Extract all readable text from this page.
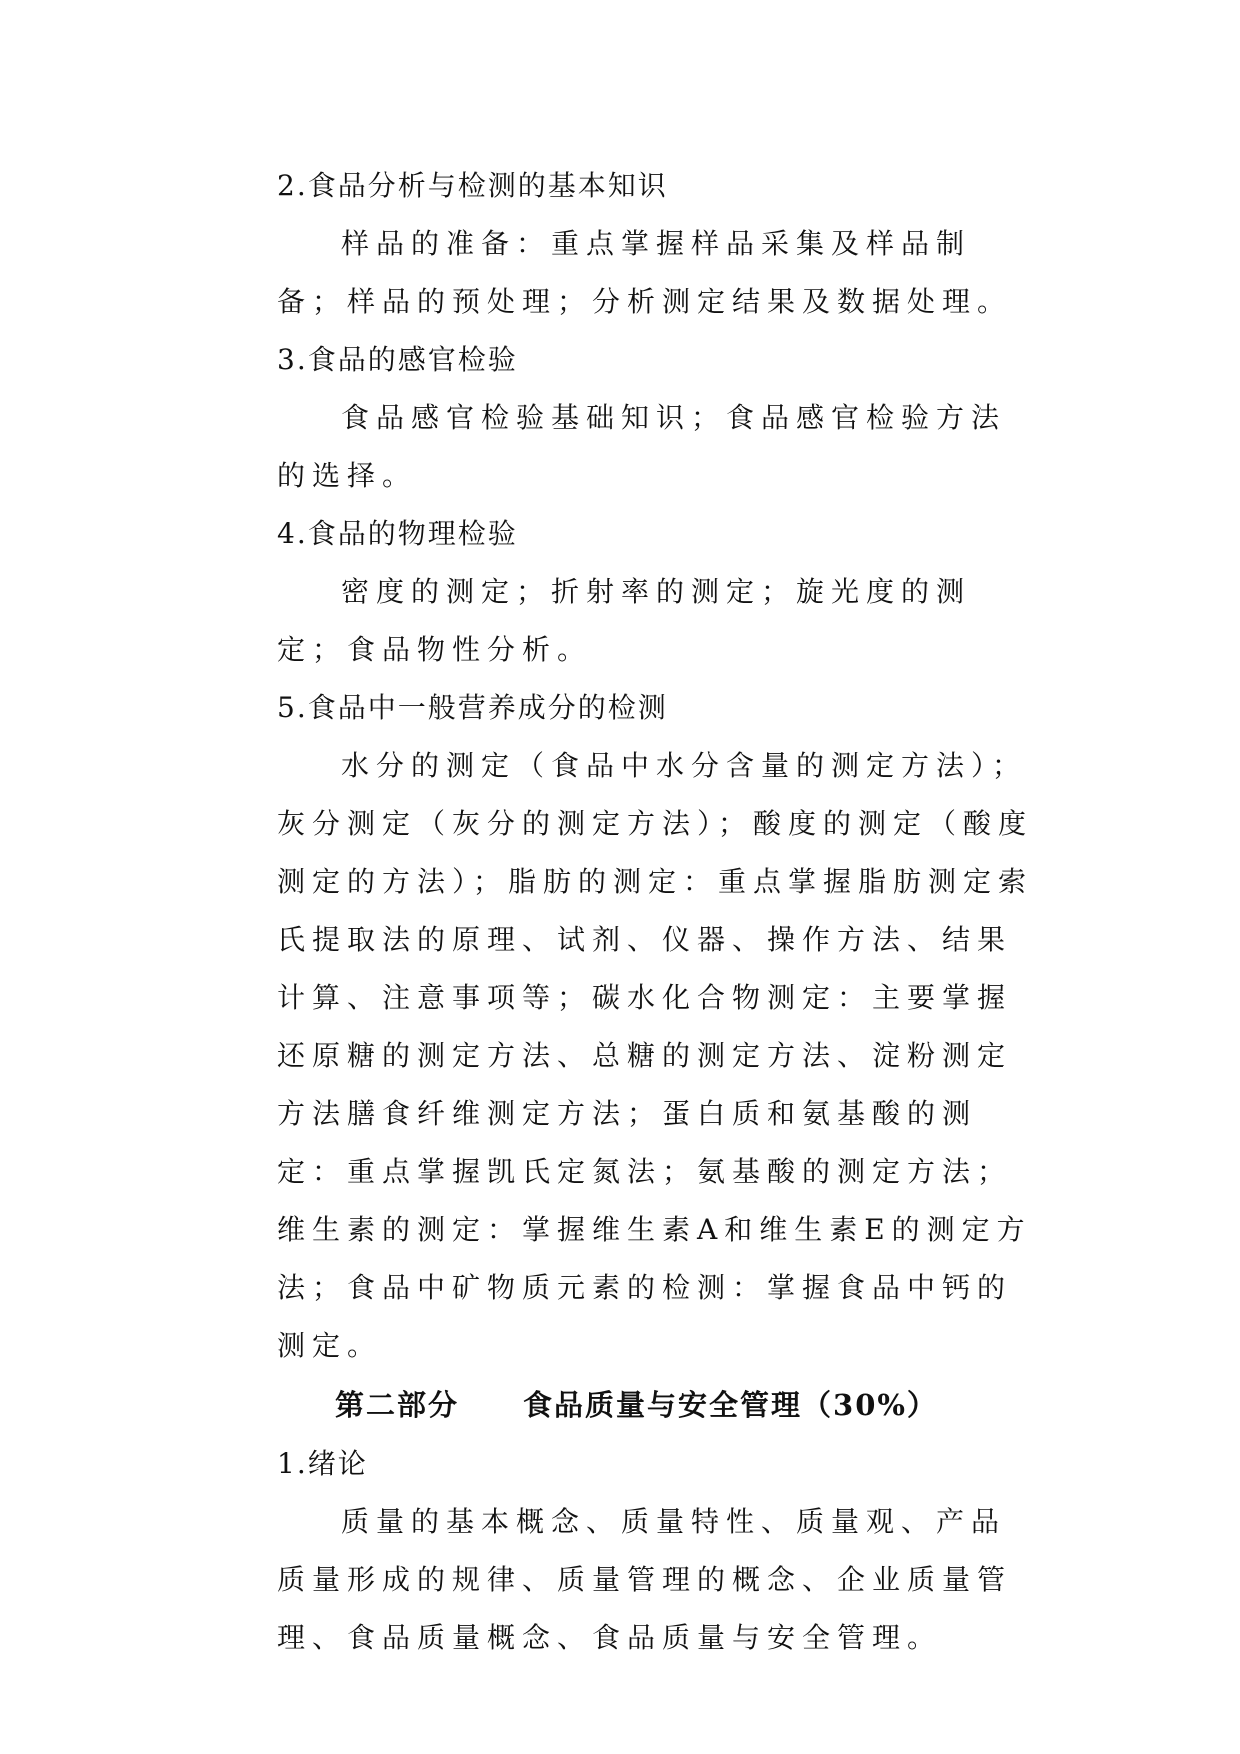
2.食品分析与检测的基本知识

样品的准备：重点掌握样品采集及样品制备；样品的预处理；分析测定结果及数据处理。

3.食品的感官检验

食品感官检验基础知识；食品感官检验方法的选择。

4.食品的物理检验

密度的测定；折射率的测定；旋光度的测定；食品物性分析。

5.食品中一般营养成分的检测

水分的测定（食品中水分含量的测定方法）；灰分测定（灰分的测定方法）；酸度的测定（酸度测定的方法）；脂肪的测定：重点掌握脂肪测定索氏提取法的原理、试剂、仪器、操作方法、结果计算、注意事项等；碳水化合物测定：主要掌握还原糖的测定方法、总糖的测定方法、淀粉测定方法膳食纤维测定方法；蛋白质和氨基酸的测定：重点掌握凯氏定氮法；氨基酸的测定方法；维生素的测定：掌握维生素A和维生素E的测定方法；食品中矿物质元素的检测：掌握食品中钙的测定。

第二部分 食品质量与安全管理（30%）
1.绪论

质量的基本概念、质量特性、质量观、产品质量形成的规律、质量管理的概念、企业质量管理、食品质量概念、食品质量与安全管理。
